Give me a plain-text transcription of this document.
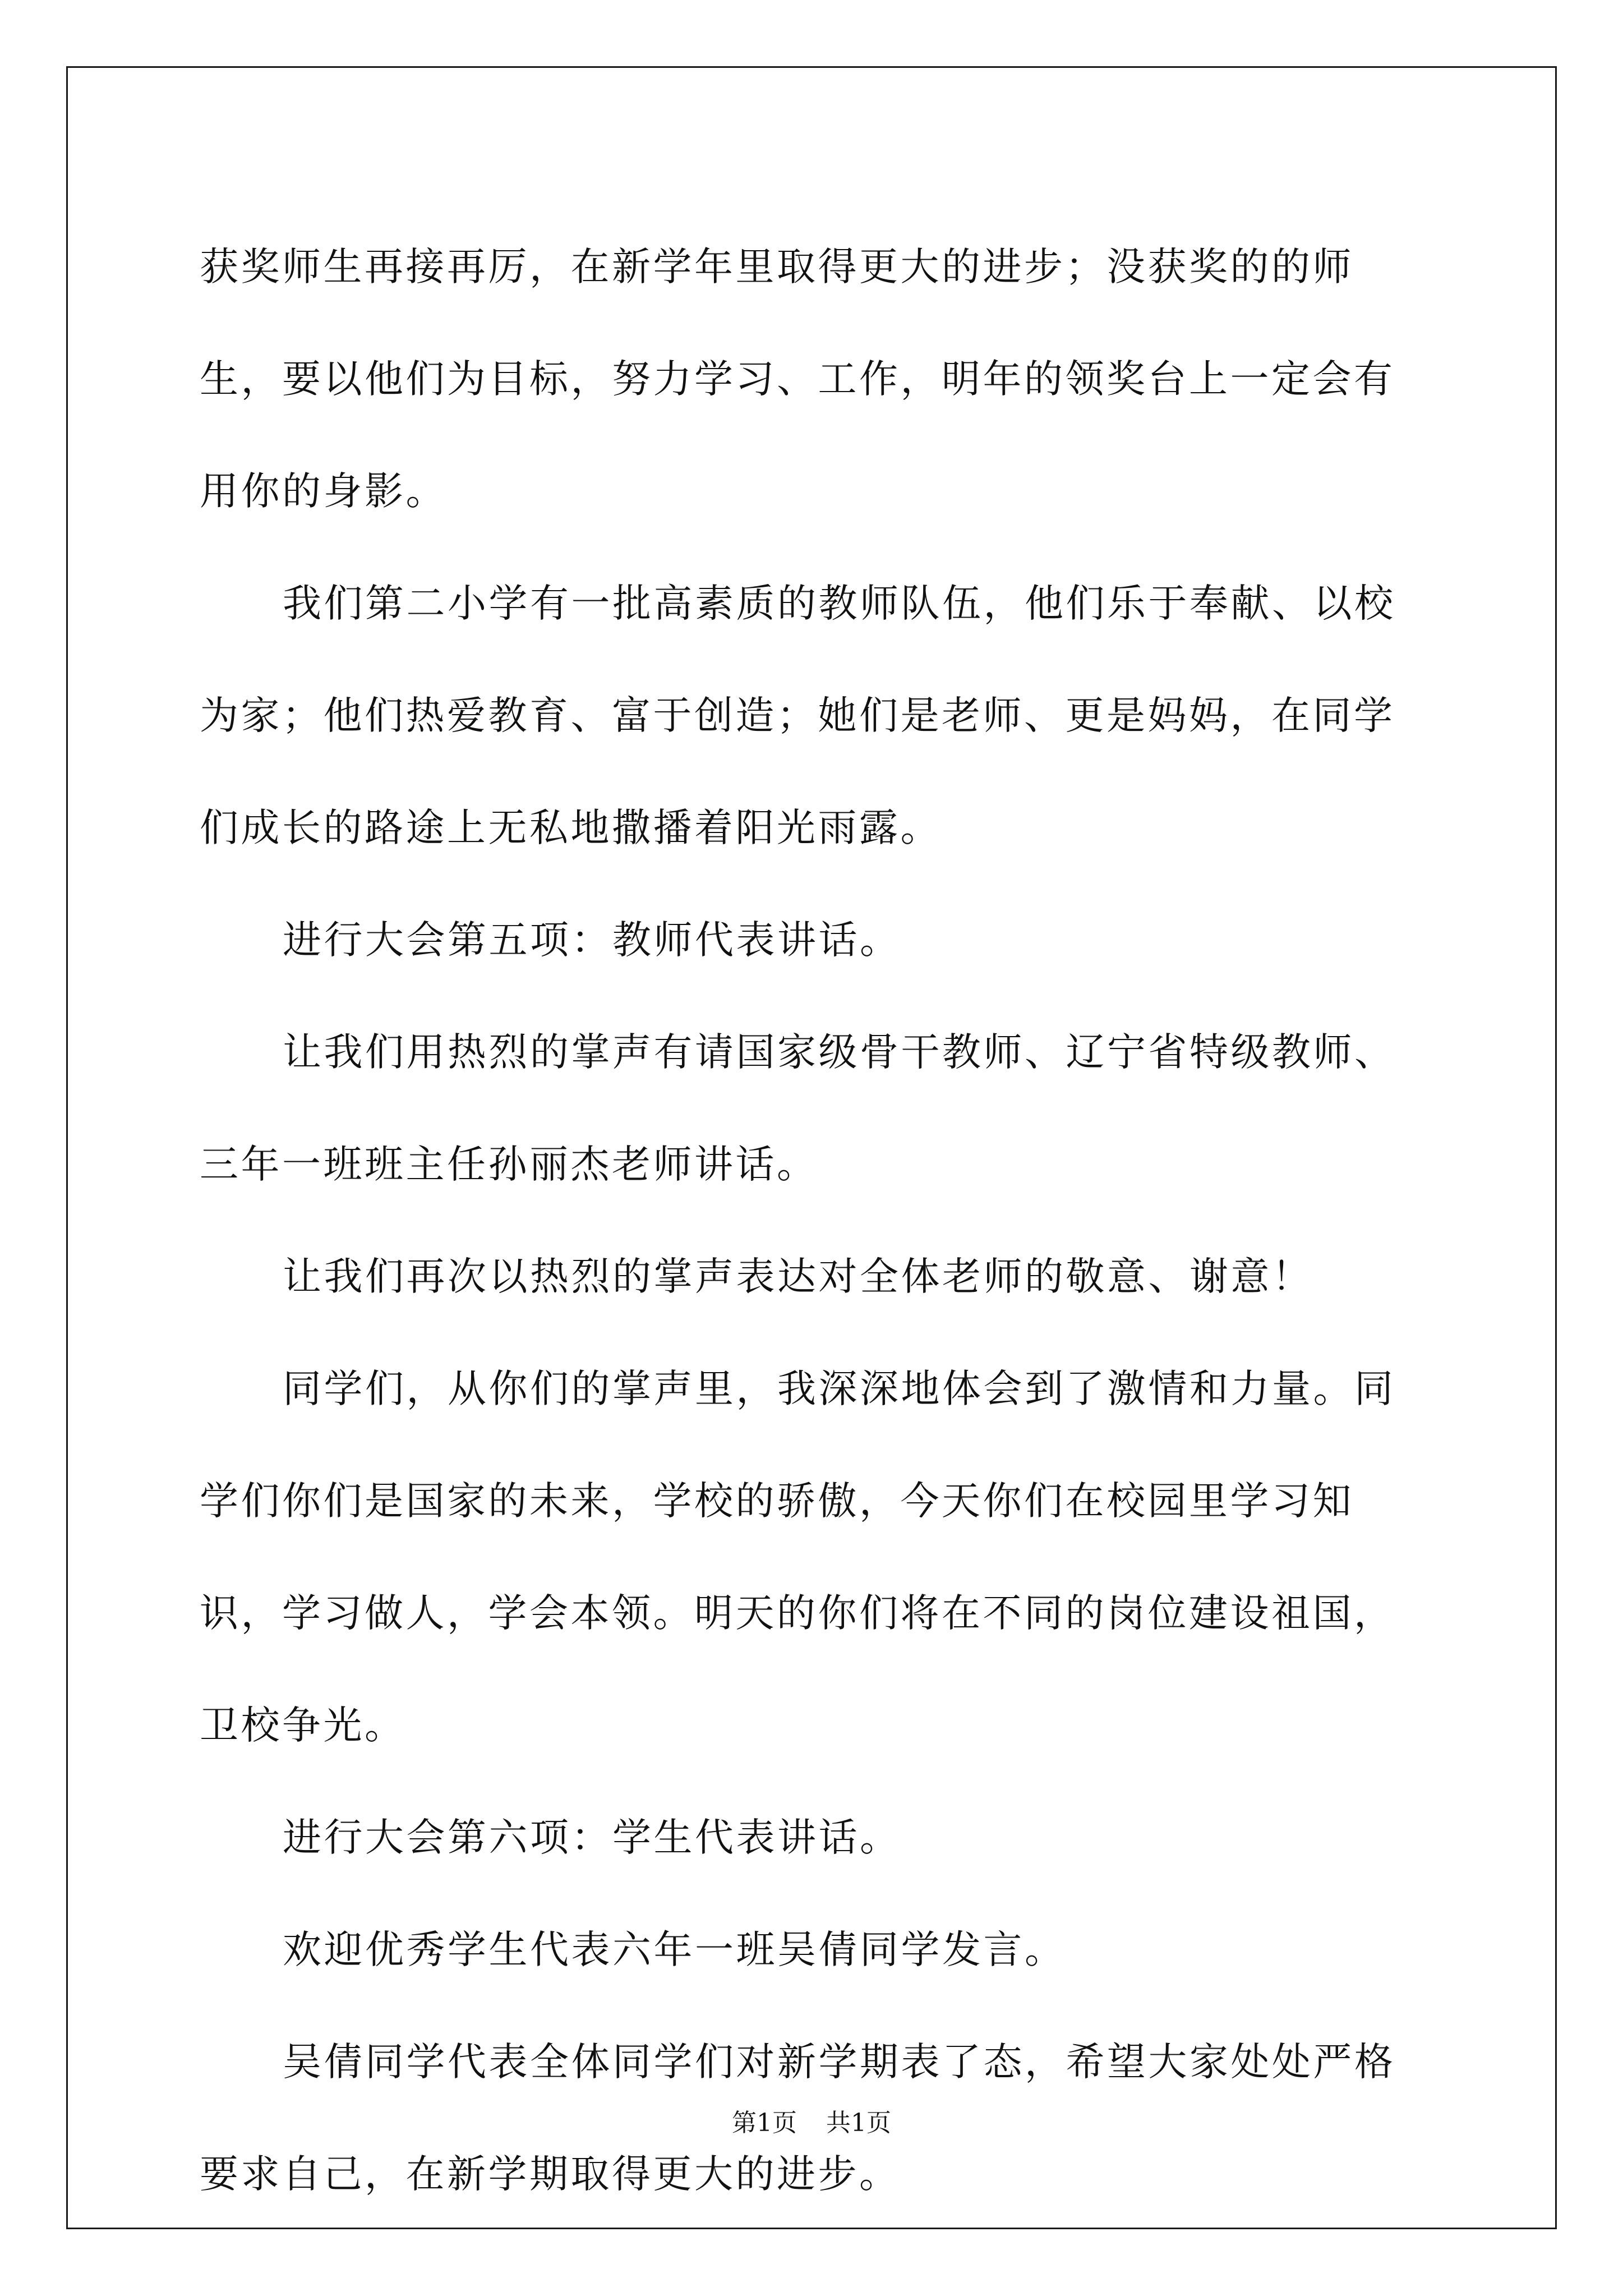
获奖师生再接再厉，在新学年里取得更大的进步；没获奖的的师生，要以他们为目标，努力学习、工作，明年的领奖台上一定会有用你的身影。

我们第二小学有一批高素质的教师队伍，他们乐于奉献、以校为家；他们热爱教育、富于创造；她们是老师、更是妈妈，在同学们成长的路途上无私地撒播着阳光雨露。

进行大会第五项：教师代表讲话。

让我们用热烈的掌声有请国家级骨干教师、辽宁省特级教师、三年一班班主任孙丽杰老师讲话。

让我们再次以热烈的掌声表达对全体老师的敬意、谢意！

同学们，从你们的掌声里，我深深地体会到了激情和力量。同学们你们是国家的未来，学校的骄傲，今天你们在校园里学习知识，学习做人，学会本领。明天的你们将在不同的岗位建设祖国，卫校争光。

进行大会第六项：学生代表讲话。

欢迎优秀学生代表六年一班吴倩同学发言。

吴倩同学代表全体同学们对新学期表了态，希望大家处处严格要求自己，在新学期取得更大的进步。

第1页 共1页
